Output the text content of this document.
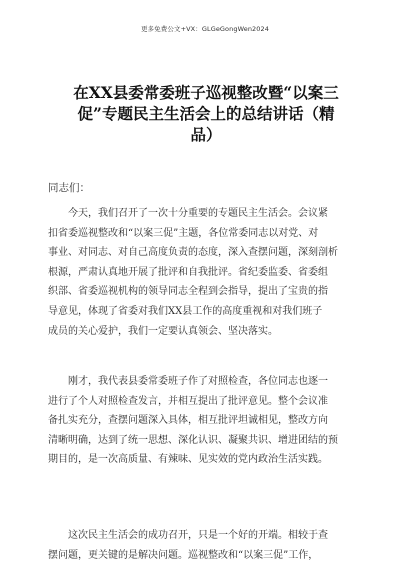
更多免费公文+VX：GLGeGongWen2024
在XX县委常委班子巡视整改暨“以案三
促”专题民主生活会上的总结讲话（精
品）
同志们：
今天，我们召开了一次十分重要的专题民主生活会。会议紧
扣省委巡视整改和“以案三促”主题，各位常委同志以对党、对
事业、对同志、对自己高度负责的态度，深入查摆问题，深刻剖析
根源，严肃认真地开展了批评和自我批评。省纪委监委、省委组
织部、省委巡视机构的领导同志全程到会指导，提出了宝贵的指
导意见，体现了省委对我们XX县工作的高度重视和对我们班子
成员的关心爱护，我们一定要认真领会、坚决落实。
刚才，我代表县委常委班子作了对照检查，各位同志也逐一
进行了个人对照检查发言，并相互提出了批评意见。整个会议准
备扎实充分，查摆问题深入具体，相互批评坦诚相见，整改方向
清晰明确，达到了统一思想、深化认识、凝聚共识、增进团结的预
期目的，是一次高质量、有辣味、见实效的党内政治生活实践。
这次民主生活会的成功召开，只是一个好的开端。相较于查
摆问题，更关键的是解决问题。巡视整改和“以案三促”工作，
